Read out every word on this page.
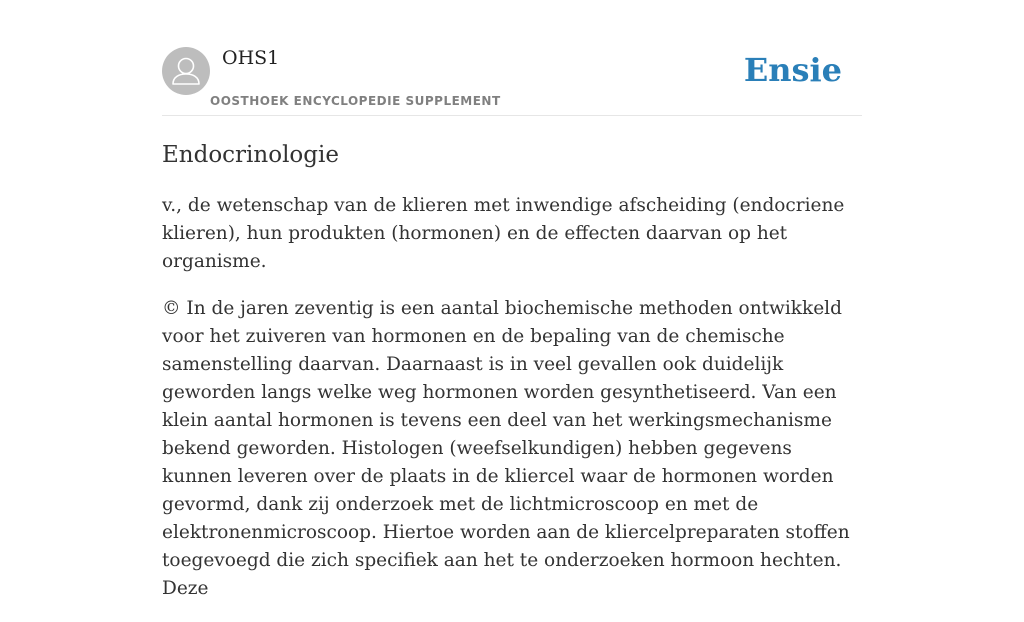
OHS1
OOSTHOEK ENCYCLOPEDIE SUPPLEMENT
Ensie
Endocrinologie

v., de wetenschap van de klieren met inwendige afscheiding (endocriene klieren), hun produkten (hormonen) en de effecten daarvan op het organisme.

© In de jaren zeventig is een aantal biochemische methoden ontwikkeld voor het zuiveren van hormonen en de bepaling van de chemische samenstelling daarvan. Daarnaast is in veel gevallen ook duidelijk geworden langs welke weg hormonen worden gesynthetiseerd. Van een klein aantal hormonen is tevens een deel van het werkingsmechanisme bekend geworden. Histologen (weefselkundigen) hebben gegevens kunnen leveren over de plaats in de kliercel waar de hormonen worden gevormd, dank zij onderzoek met de lichtmicroscoop en met de elektronenmicroscoop. Hiertoe worden aan de kliercelpreparaten stoffen toegevoegd die zich specifiek aan het te onderzoeken hormoon hechten. Deze
